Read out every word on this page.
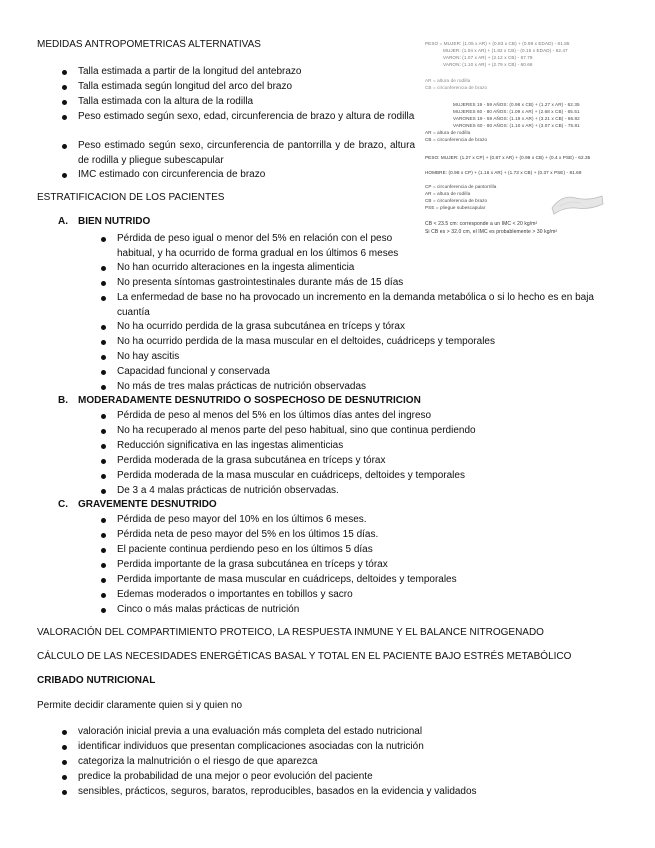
MEDIDAS ANTROPOMETRICAS ALTERNATIVAS
Talla estimada a partir de la longitud del antebrazo
Talla estimada según longitud del arco del brazo
Talla estimada con la altura de la rodilla
Peso estimado según sexo, edad, circunferencia de brazo y altura de rodilla
Peso estimado según sexo, circunferencia de pantorrilla y de brazo, altura de rodilla y pliegue subescapular
IMC estimado con circunferencia de brazo
PESO = MUJER: (1.05 x AR) + (0.83 x CB) + (0.99 x EDAD) - 81.85
MUJER: (1.04 x AR) + (1.82 x CB) - (0.15 x EDAD) - 52.47
VARON: (1.07 x AR) + (2.12 x CB) - 67.79
VARON: (1.10 x AR) + (2.79 x CB) - 60.66
AR = altura de rodilla
CB = circunferencia de brazo
MUJERES 19 - 59 AÑOS: (0.98 x CB) + (1.27 x AR) - 62.35
MUJERES 60 - 80 AÑOS: (1.09 x AR) + (2.68 x CB) - 65.51
VARONES 19 - 59 AÑOS: (1.19 x AR) + (3.21 x CB) - 86.82
VARONES 60 - 80 AÑOS: (1.10 x AR) + (3.07 x CB) - 75.81
AR = altura de rodilla
CB = circunferencia de brazo
PESO: MUJER: (1.27 x CP) + (0.87 x AR) + (0.98 x CB) + (0.4 x PSE) - 62.35
HOMBRE: (0.98 x CP) + (1.16 x AR) + (1.73 x CB) + (0.37 x PSE) - 81.69
CP = circunferencia de pantorrilla
AR = altura de rodilla
CB = circunferencia de brazo
PSE = pliegue subescapular
CB < 23.5 cm: corresponde a un IMC < 20 kg/m²
Si CB es > 32.0 cm, el IMC es probablemente > 30 kg/m²
ESTRATIFICACION DE LOS PACIENTES
A. BIEN NUTRIDO
Pérdida de peso igual o menor del 5% en relación con el peso habitual, y ha ocurrido de forma gradual en los últimos 6 meses
No han ocurrido alteraciones en la ingesta alimenticia
No presenta síntomas gastrointestinales durante más de 15 días
La enfermedad de base no ha provocado un incremento en la demanda metabólica o si lo hecho es en baja cuantía
No ha ocurrido perdida de la grasa subcutánea en tríceps y tórax
No ha ocurrido perdida de la masa muscular en el deltoides, cuádriceps y temporales
No hay ascitis
Capacidad funcional y conservada
No más de tres malas prácticas de nutrición observadas
B. MODERADAMENTE DESNUTRIDO O SOSPECHOSO DE DESNUTRICION
Pérdida de peso al menos del 5% en los últimos días antes del ingreso
No ha recuperado al menos parte del peso habitual, sino que continua perdiendo
Reducción significativa en las ingestas alimenticias
Perdida moderada de la grasa subcutánea en tríceps y tórax
Perdida moderada de la masa muscular en cuádriceps, deltoides y temporales
De 3 a 4 malas prácticas de nutrición observadas.
C. GRAVEMENTE DESNUTRIDO
Pérdida de peso mayor del 10% en los últimos 6 meses.
Pérdida neta de peso mayor del 5% en los últimos 15 días.
El paciente continua perdiendo peso en los últimos 5 días
Perdida importante de la grasa subcutánea en tríceps y tórax
Perdida importante de masa muscular en cuádriceps, deltoides y temporales
Edemas moderados o importantes en tobillos y sacro
Cinco o más malas prácticas de nutrición
VALORACIÓN DEL COMPARTIMIENTO PROTEICO, LA RESPUESTA INMUNE Y EL BALANCE NITROGENADO
CÁLCULO DE LAS NECESIDADES ENERGÉTICAS BASAL Y TOTAL EN EL PACIENTE BAJO ESTRÉS METABÓLICO
CRIBADO NUTRICIONAL
Permite decidir claramente quien si y quien no
valoración inicial previa a una evaluación más completa del estado nutricional
identificar individuos que presentan complicaciones asociadas con la nutrición
categoriza la malnutrición o el riesgo de que aparezca
predice la probabilidad de una mejor o peor evolución del paciente
sensibles, prácticos, seguros, baratos, reproducibles, basados en la evidencia y validados
